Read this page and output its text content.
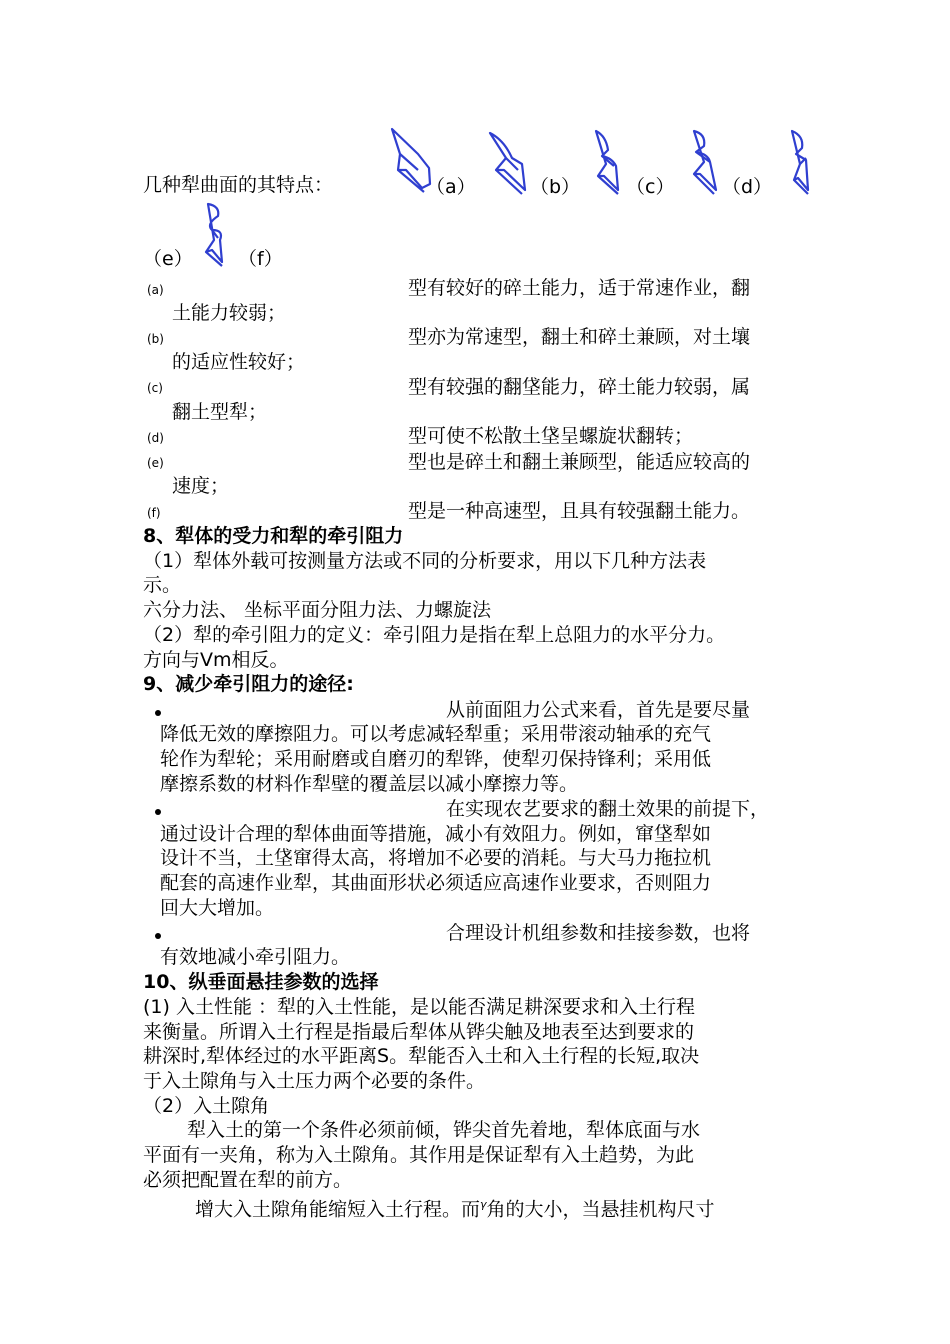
几种犁曲面的其特点：	（a）	（b） （c）	（d）
（e） （f）
(a)	型有较好的碎土能力，适于常速作业，翻
土能力较弱；
(b)	型亦为常速型，翻土和碎土兼顾，对土壤
的适应性较好；
(c)	型有较强的翻垡能力，碎土能力较弱，属
翻土型犁；
(d)	型可使不松散土垡呈螺旋状翻转；
(e)	型也是碎土和翻土兼顾型，能适应较高的
速度；
(f)	型是一种高速型，且具有较强翻土能力。
8、犁体的受力和犁的牵引阻力
（1）犁体外载可按测量方法或不同的分析要求，用以下几种方法表
示。
六分力法、 坐标平面分阻力法、力螺旋法
（2）犁的牵引阻力的定义：牵引阻力是指在犁上总阻力的水平分力。
方向与Vm相反。
9、减少牵引阻力的途径:
从前面阻力公式来看，首先是要尽量
降低无效的摩擦阻力。可以考虑减轻犁重；采用带滚动轴承的充气
轮作为犁轮；采用耐磨或自磨刃的犁铧，使犁刃保持锋利；采用低
摩擦系数的材料作犁壁的覆盖层以减小摩擦力等。
在实现农艺要求的翻土效果的前提下，
通过设计合理的犁体曲面等措施，减小有效阻力。例如，窜垡犁如
设计不当，土垡窜得太高，将增加不必要的消耗。与大马力拖拉机
配套的高速作业犁，其曲面形状必须适应高速作业要求，否则阻力
回大大增加。
合理设计机组参数和挂接参数，也将
有效地减小牵引阻力。
10、纵垂面悬挂参数的选择
(1) 入土性能 ：犁的入土性能，是以能否满足耕深要求和入土行程
来衡量。所谓入土行程是指最后犁体从铧尖触及地表至达到要求的
耕深时,犁体经过的水平距离S。犁能否入土和入土行程的长短,取决
于入土隙角与入土压力两个必要的条件。
（2）入土隙角
犁入土的第一个条件必须前倾，铧尖首先着地，犁体底面与水
平面有一夹角，称为入土隙角。其作用是保证犁有入土趋势，为此
必须把配置在犁的前方。
增大入土隙角能缩短入土行程。而$^\gamma$角的大小，当悬挂机构尺寸
